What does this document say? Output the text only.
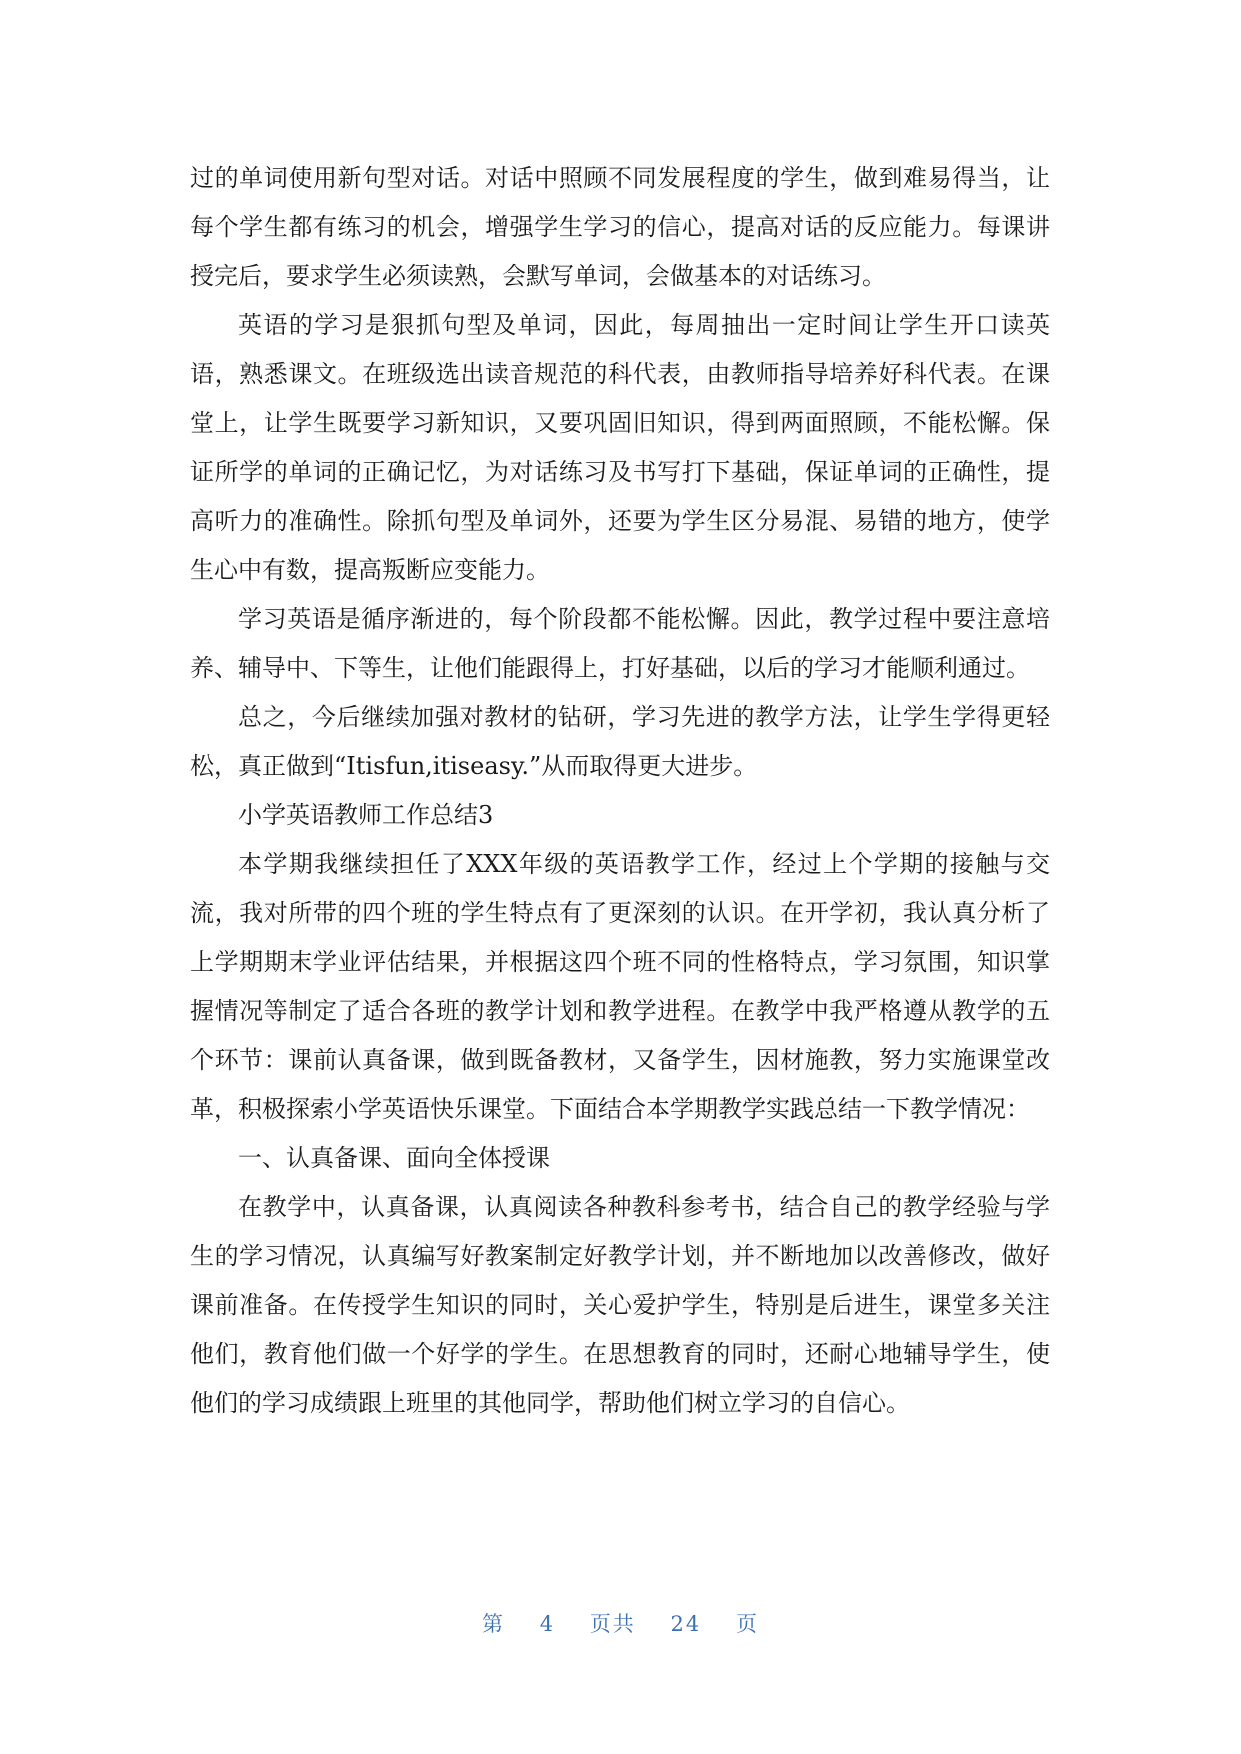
过的单词使用新句型对话。对话中照顾不同发展程度的学生，做到难易得当，让每个学生都有练习的机会，增强学生学习的信心，提高对话的反应能力。每课讲授完后，要求学生必须读熟，会默写单词，会做基本的对话练习。

英语的学习是狠抓句型及单词，因此，每周抽出一定时间让学生开口读英语，熟悉课文。在班级选出读音规范的科代表，由教师指导培养好科代表。在课堂上，让学生既要学习新知识，又要巩固旧知识，得到两面照顾，不能松懈。保证所学的单词的正确记忆，为对话练习及书写打下基础，保证单词的正确性，提高听力的准确性。除抓句型及单词外，还要为学生区分易混、易错的地方，使学生心中有数，提高叛断应变能力。

学习英语是循序渐进的，每个阶段都不能松懈。因此，教学过程中要注意培养、辅导中、下等生，让他们能跟得上，打好基础，以后的学习才能顺利通过。

总之，今后继续加强对教材的钻研，学习先进的教学方法，让学生学得更轻松，真正做到“Itisfun,itiseasy.”从而取得更大进步。

小学英语教师工作总结3

本学期我继续担任了XXX年级的英语教学工作，经过上个学期的接触与交流，我对所带的四个班的学生特点有了更深刻的认识。在开学初，我认真分析了上学期期末学业评估结果，并根据这四个班不同的性格特点，学习氛围，知识掌握情况等制定了适合各班的教学计划和教学进程。在教学中我严格遵从教学的五个环节：课前认真备课，做到既备教材，又备学生，因材施教，努力实施课堂改革，积极探索小学英语快乐课堂。下面结合本学期教学实践总结一下教学情况：

一、认真备课、面向全体授课

在教学中，认真备课，认真阅读各种教科参考书，结合自己的教学经验与学生的学习情况，认真编写好教案制定好教学计划，并不断地加以改善修改，做好课前准备。在传授学生知识的同时，关心爱护学生，特别是后进生，课堂多关注他们，教育他们做一个好学的学生。在思想教育的同时，还耐心地辅导学生，使他们的学习成绩跟上班里的其他同学，帮助他们树立学习的自信心。

第 4 页共 24 页
